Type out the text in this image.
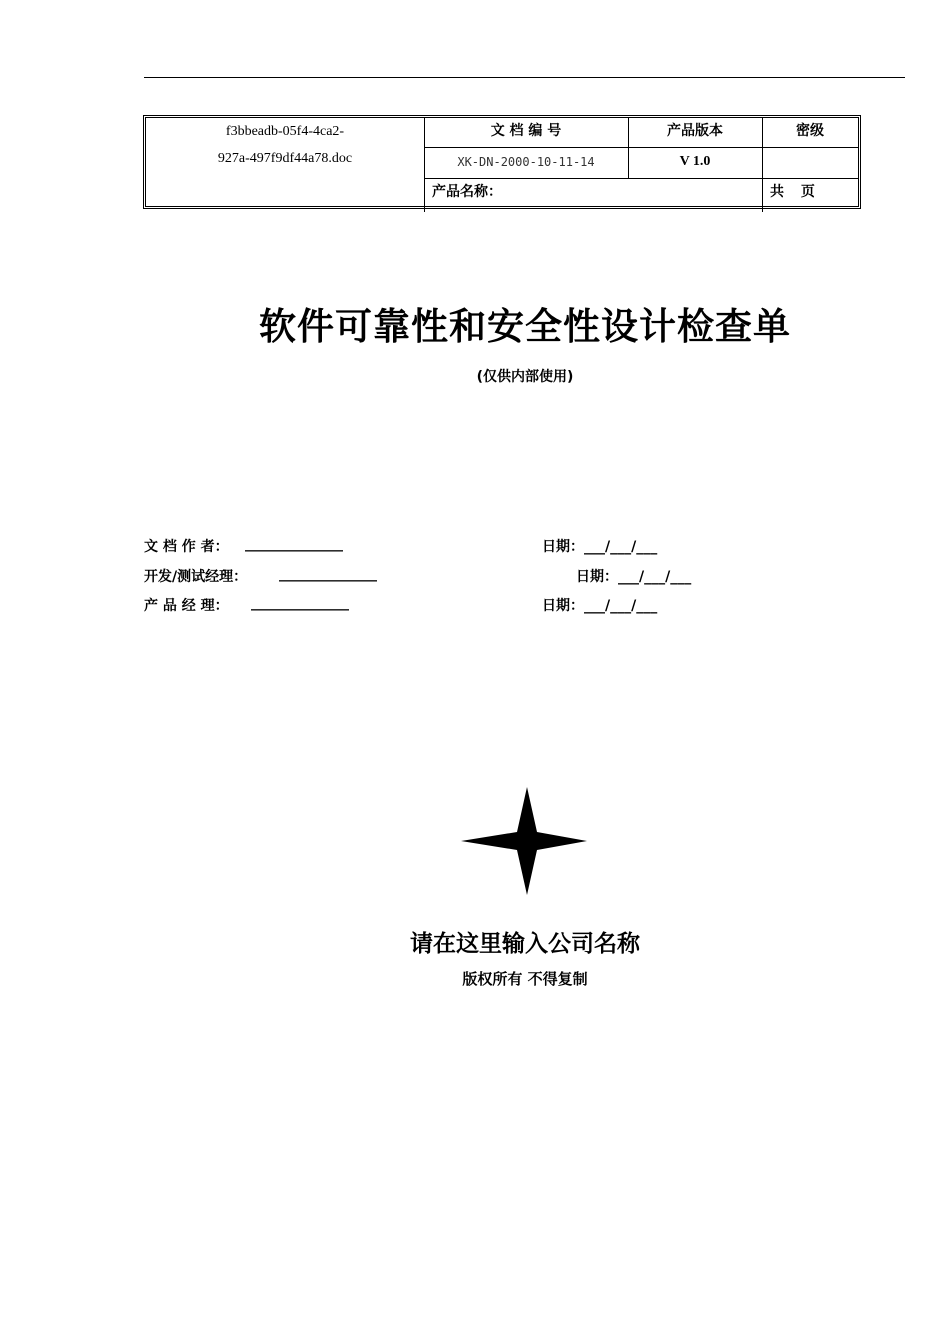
f3bbeadb-05f4-4ca2-
927a-497f9df44a78.doc
文 档 编 号	产品版本	密级
XK-DN-2000-10-11-14	V 1.0
产品名称：	共 页
软件可靠性和安全性设计检查单
(仅供内部使用)
文 档 作 者： ______________	日期：___/___/___
开发/测试经理： ______________	日期：___/___/___
产 品 经 理： ______________	日期：___/___/___
请在这里输入公司名称
版权所有 不得复制
